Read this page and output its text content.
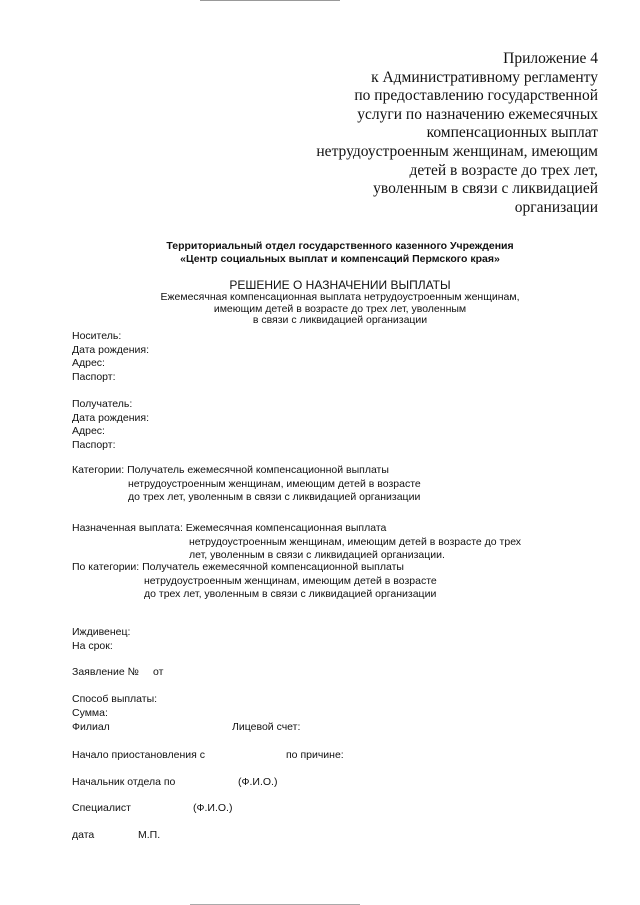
Приложение 4
к Административному регламенту
по предоставлению государственной
услуги по назначению ежемесячных
компенсационных выплат
нетрудоустроенным женщинам, имеющим
детей в возрасте до трех лет,
уволенным в связи с ликвидацией
организации
Территориальный отдел государственного казенного Учреждения
«Центр социальных выплат и компенсаций Пермского края»
РЕШЕНИЕ О НАЗНАЧЕНИИ ВЫПЛАТЫ
Ежемесячная компенсационная выплата нетрудоустроенным женщинам,
имеющим детей в возрасте до трех лет, уволенным
в связи с ликвидацией организации
Носитель:
Дата рождения:
Адрес:
Паспорт:
Получатель:
Дата рождения:
Адрес:
Паспорт:
Категории: Получатель ежемесячной компенсационной выплаты
нетрудоустроенным женщинам, имеющим детей в возрасте
до трех лет, уволенным в связи с ликвидацией организации
Назначенная выплата: Ежемесячная компенсационная выплата
нетрудоустроенным женщинам, имеющим детей в возрасте до трех
лет, уволенным в связи с ликвидацией организации.
По категории: Получатель ежемесячной компенсационной выплаты
нетрудоустроенным женщинам, имеющим детей в возрасте
до трех лет, уволенным в связи с ликвидацией организации
Иждивенец:
На срок:
Заявление № от
Способ выплаты:
Сумма:
Филиал	Лицевой счет:
Начало приостановления с	по причине:
Начальник отдела по	(Ф.И.О.)
Специалист	(Ф.И.О.)
дата	М.П.
